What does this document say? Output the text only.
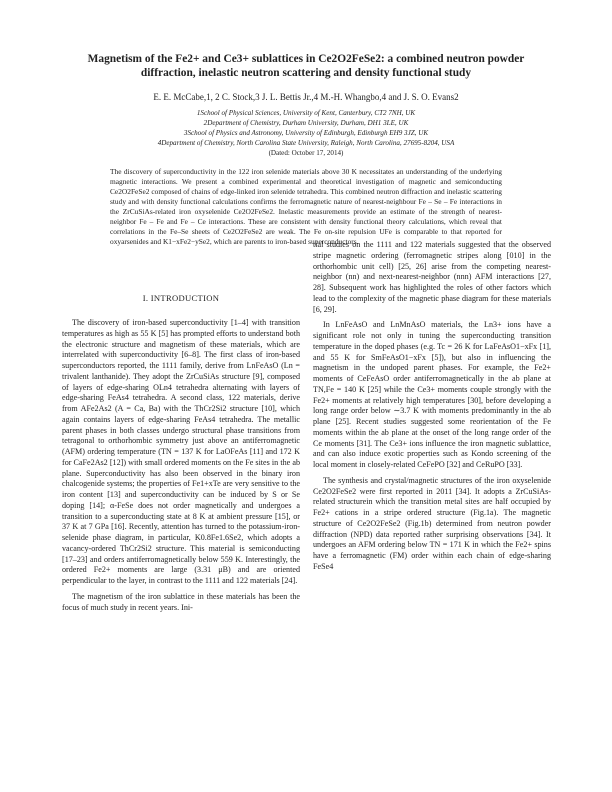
Magnetism of the Fe2+ and Ce3+ sublattices in Ce2O2FeSe2: a combined neutron powder diffraction, inelastic neutron scattering and density functional study
E. E. McCabe,1, 2 C. Stock,3 J. L. Bettis Jr.,4 M.-H. Whangbo,4 and J. S. O. Evans2
1School of Physical Sciences, University of Kent, Canterbury, CT2 7NH, UK
2Department of Chemistry, Durham University, Durham, DH1 3LE, UK
3School of Physics and Astronomy, University of Edinburgh, Edinburgh EH9 3JZ, UK
4Department of Chemistry, North Carolina State University, Raleigh, North Carolina, 27695-8204, USA
(Dated: October 17, 2014)
The discovery of superconductivity in the 122 iron selenide materials above 30 K necessitates an understanding of the underlying magnetic interactions. We present a combined experimental and theoretical investigation of magnetic and semiconducting Ce2O2FeSe2 composed of chains of edge-linked iron selenide tetrahedra. This combined neutron diffraction and inelastic scattering study and with density functional calculations confirms the ferromagnetic nature of nearest-neighbour Fe – Se – Fe interactions in the ZrCuSiAs-related iron oxyselenide Ce2O2FeSe2. Inelastic measurements provide an estimate of the strength of nearest-neighbor Fe – Fe and Fe – Ce interactions. These are consistent with density functional theory calculations, which reveal that correlations in the Fe–Se sheets of Ce2O2FeSe2 are weak. The Fe on-site repulsion UFe is comparable to that reported for oxyarsenides and K1−xFe2−ySe2, which are parents to iron-based superconductors.
I. INTRODUCTION

The discovery of iron-based superconductivity [1–4] with transition temperatures as high as 55 K [5] has prompted efforts to understand both the electronic structure and magnetism of these materials, which are interrelated with superconductivity [6–8]. The first class of iron-based superconductors reported, the 1111 family, derive from LnFeAsO (Ln = trivalent lanthanide). They adopt the ZrCuSiAs structure [9], composed of layers of edge-sharing OLn4 tetrahedra alternating with layers of edge-sharing FeAs4 tetrahedra. A second class, 122 materials, derive from AFe2As2 (A = Ca, Ba) with the ThCr2Si2 structure [10], which again contains layers of edge-sharing FeAs4 tetrahedra. The metallic parent phases in both classes undergo structural phase transitions from tetragonal to orthorhombic symmetry just above an antiferromagnetic (AFM) ordering temperature (TN = 137 K for LaOFeAs [11] and 172 K for CaFe2As2 [12]) with small ordered moments on the Fe sites in the ab plane. Superconductivity has also been observed in the binary iron chalcogenide systems; the properties of Fe1+xTe are very sensitive to the iron content [13] and superconductivity can be induced by S or Se doping [14]; α-FeSe does not order magnetically and undergoes a transition to a superconducting state at 8 K at ambient pressure [15], or 37 K at 7 GPa [16]. Recently, attention has turned to the potassium-iron-selenide phase diagram, in particular, K0.8Fe1.6Se2, which adopts a vacancy-ordered ThCr2Si2 structure. This material is semiconducting [17–23] and orders antiferromagnetically below 559 K. Interestingly, the ordered Fe2+ moments are large (3.31 μB) and are oriented perpendicular to the layer, in contrast to the 1111 and 122 materials [24].

The magnetism of the iron sublattice in these materials has been the focus of much study in recent years. Ini-

tial studies on the 1111 and 122 materials suggested that the observed stripe magnetic ordering (ferromagnetic stripes along [010] in the orthorhombic unit cell) [25, 26] arise from the competing nearest-neighbor (nn) and next-nearest-neighbor (nnn) AFM interactions [27, 28]. Subsequent work has highlighted the roles of other factors which lead to the complexity of the magnetic phase diagram for these materials [6, 29].

In LnFeAsO and LnMnAsO materials, the Ln3+ ions have a significant role not only in tuning the superconducting transition temperature in the doped phases (e.g. Tc = 26 K for LaFeAsO1−xFx [1], and 55 K for SmFeAsO1−xFx [5]), but also in influencing the magnetism in the undoped parent phases. For example, the Fe2+ moments of CeFeAsO order antiferromagnetically in the ab plane at TN,Fe = 140 K [25] while the Ce3+ moments couple strongly with the Fe2+ moments at relatively high temperatures [30], before developing a long range order below ∼3.7 K with moments predominantly in the ab plane [25]. Recent studies suggested some reorientation of the Fe moments within the ab plane at the onset of the long range order of the Ce moments [31]. The Ce3+ ions influence the iron magnetic sublattice, and can also induce exotic properties such as Kondo screening of the local moment in closely-related CeFePO [32] and CeRuPO [33].

The synthesis and crystal/magnetic structures of the iron oxyselenide Ce2O2FeSe2 were first reported in 2011 [34]. It adopts a ZrCuSiAs-related structurein which the transition metal sites are half occupied by Fe2+ cations in a stripe ordered structure (Fig.1a). The magnetic structure of Ce2O2FeSe2 (Fig.1b) determined from neutron powder diffraction (NPD) data reported rather surprising observations [34]. It undergoes an AFM ordering below TN = 171 K in which the Fe2+ spins have a ferromagnetic (FM) order within each chain of edge-sharing FeSe4
